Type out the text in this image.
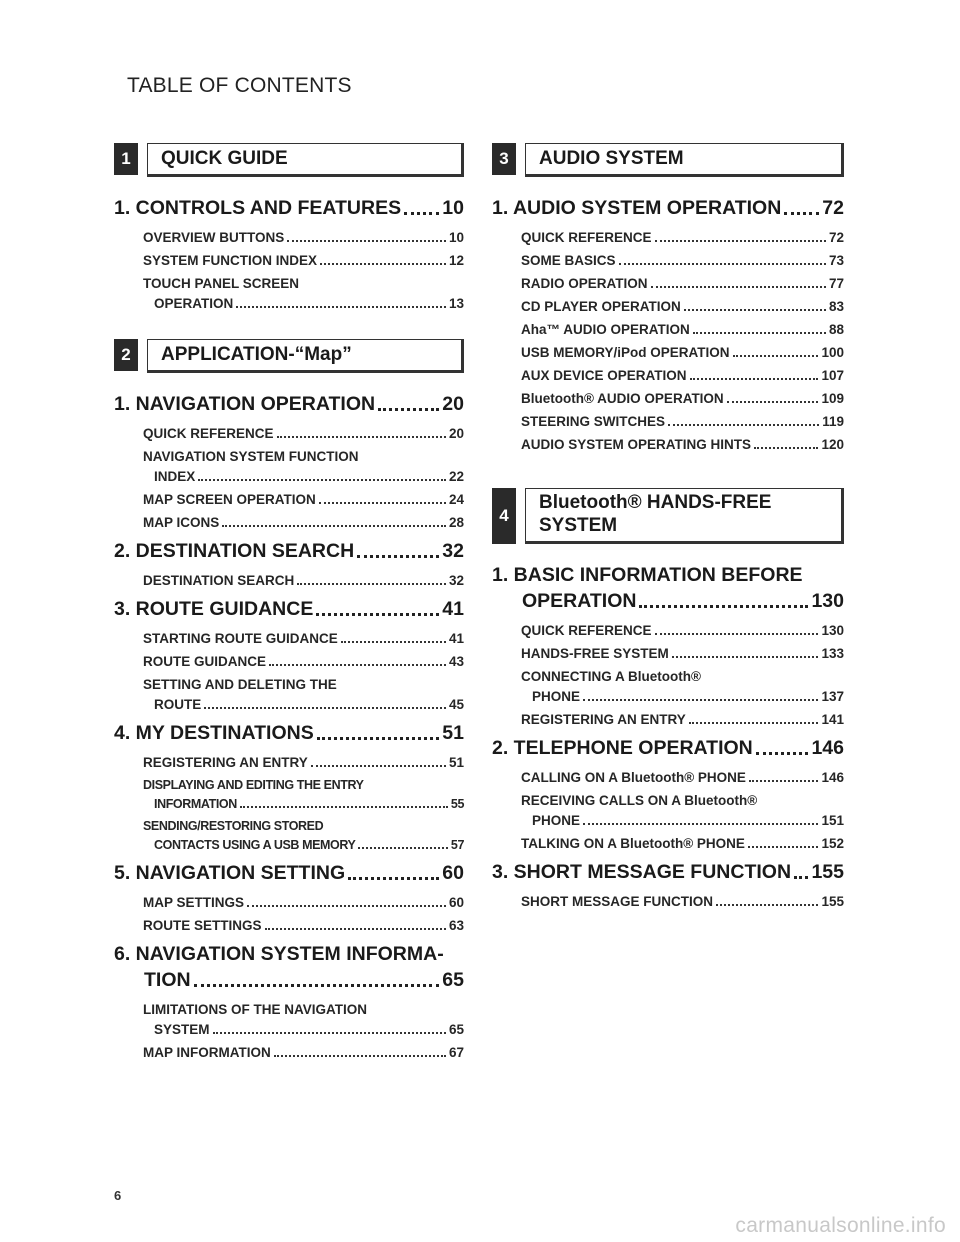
TABLE OF CONTENTS
1	QUICK GUIDE
1. CONTROLS AND FEATURES 10
OVERVIEW BUTTONS	10
SYSTEM FUNCTION INDEX	12
TOUCH PANEL SCREEN
OPERATION	13
2	APPLICATION-“Map”
1. NAVIGATION OPERATION	20
QUICK REFERENCE	20
NAVIGATION SYSTEM FUNCTION
INDEX	22
MAP SCREEN OPERATION	24
MAP ICONS	28
2. DESTINATION SEARCH	32
DESTINATION SEARCH	32
3. ROUTE GUIDANCE	41
STARTING ROUTE GUIDANCE	41
ROUTE GUIDANCE	43
SETTING AND DELETING THE
ROUTE	45
4. MY DESTINATIONS	51
REGISTERING AN ENTRY	51
DISPLAYING AND EDITING THE ENTRY
INFORMATION	55
SENDING/RESTORING STORED
CONTACTS USING A USB MEMORY	57
5. NAVIGATION SETTING	60
MAP SETTINGS	60
ROUTE SETTINGS	63
6. NAVIGATION SYSTEM INFORMA-
TION	65
LIMITATIONS OF THE NAVIGATION
SYSTEM	65
MAP INFORMATION	67
3	AUDIO SYSTEM
1. AUDIO SYSTEM OPERATION 72
QUICK REFERENCE	72
SOME BASICS	73
RADIO OPERATION	77
CD PLAYER OPERATION	83
Aha™ AUDIO OPERATION	88
USB MEMORY/iPod OPERATION	100
AUX DEVICE OPERATION	107
Bluetooth® AUDIO OPERATION	109
STEERING SWITCHES	119
AUDIO SYSTEM OPERATING HINTS	120
4
Bluetooth® HANDS-FREE
SYSTEM
1. BASIC INFORMATION BEFORE
OPERATION	130
QUICK REFERENCE	130
HANDS-FREE SYSTEM	133
CONNECTING A Bluetooth®
PHONE	137
REGISTERING AN ENTRY	141
2. TELEPHONE OPERATION	146
CALLING ON A Bluetooth® PHONE	146
RECEIVING CALLS ON A Bluetooth®
PHONE	151
TALKING ON A Bluetooth® PHONE	152
3. SHORT MESSAGE FUNCTION 155
SHORT MESSAGE FUNCTION	155
6
carmanualsonline.info
